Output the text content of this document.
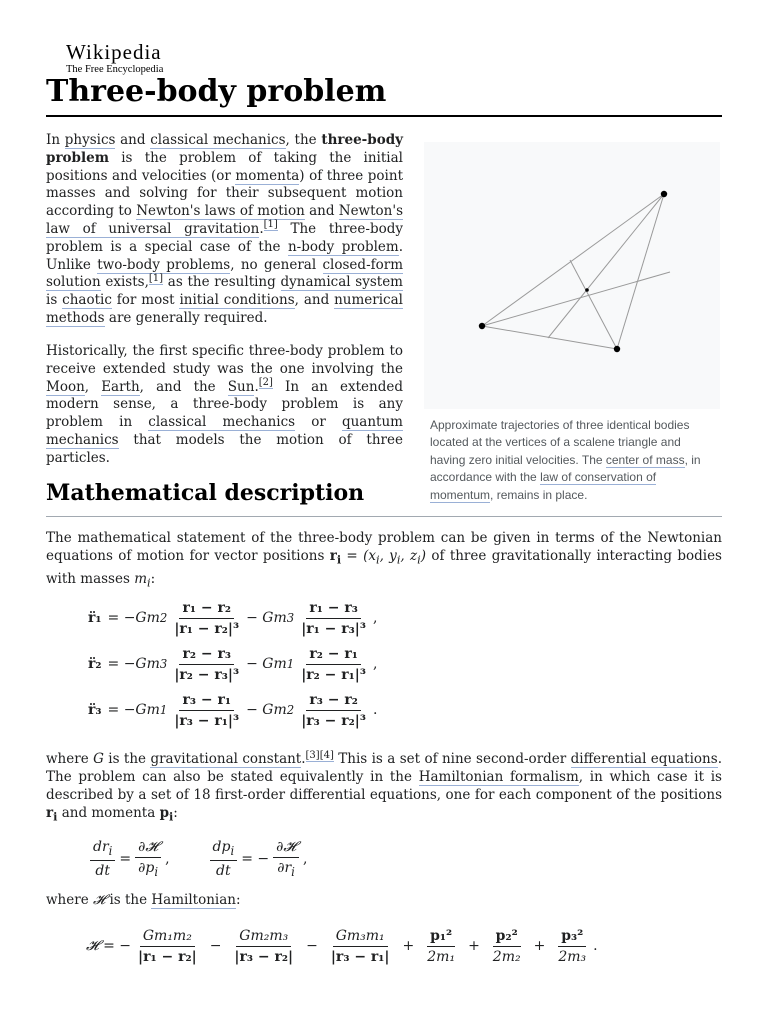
Wikipedia
The Free Encyclopedia
Three-body problem

In physics and classical mechanics, the three-body problem is the problem of taking the initial positions and velocities (or momenta) of three point masses and solving for their subsequent motion according to Newton's laws of motion and Newton's law of universal gravitation.[1] The three-body problem is a special case of the n-body problem. Unlike two-body problems, no general closed-form solution exists,[1] as the resulting dynamical system is chaotic for most initial conditions, and numerical methods are generally required.

Historically, the first specific three-body problem to receive extended study was the one involving the Moon, Earth, and the Sun.[2] In an extended modern sense, a three-body problem is any problem in classical mechanics or quantum mechanics that models the motion of three particles.

Approximate trajectories of three identical bodies located at the vertices of a scalene triangle and having zero initial velocities. The center of mass, in accordance with the law of conservation of momentum, remains in place.
Mathematical description

The mathematical statement of the three-body problem can be given in terms of the Newtonian equations of motion for vector positions $r_i = (x_i$, $y_i$, $z_i$) of three gravitationally interacting bodies with masses $m_i$:

r̈₁ = −Gm $2 \frac{\text{r₁ − r₂}}{\text{|r₁ − r₂|³}} - Gm$ $3 \frac{\text{r₁ − r₃}}{\text{|r₁ − r₃|³}}$ ,
r̈₂ = −Gm $3 \frac{\text{r₂ − r₃}}{\text{|r₂ − r₃|³}} - Gm$ $1 \frac{\text{r₂ − r₁}}{\text{|r₂ − r₁|³}}$ ,
r̈₃ = −Gm $1 \frac{\text{r₃ − r₁}}{\text{|r₃ − r₁|³}} - Gm$ $2 \frac{\text{r₃ − r₂}}{\text{|r₃ − r₂|³}}$ .

where G is the gravitational constant.[3][4] This is a set of nine second-order differential equations. The problem can also be stated equivalently in the Hamiltonian formalism, in which case it is described by a set of 18 first-order differential equations, one for each component of the positions $r_i$ and momenta $p_i$:

$\frac{dr_i}{dt} = \frac{\text{∂𝓗}}{\partial p_i}$ ,	$\frac{dp_i}{dt}$ = − $\frac{\text{∂𝓗}}{\partial r_i}$ ,

where 𝓗 is the Hamiltonian:

𝓗 = − $\frac{\text{Gm₁m₂}}{\text{|r₁ − r₂|}} - \frac{\text{Gm₂m₃}}{\text{|r₃ − r₂|}} - \frac{\text{Gm₃m₁}}{\text{|r₃ − r₁|}} + \frac{\text{p₁²}}{\text{2m₁}} + \frac{\text{p₂²}}{\text{2m₂}} + \frac{\text{p₃²}}{\text{2m₃}}$ .
